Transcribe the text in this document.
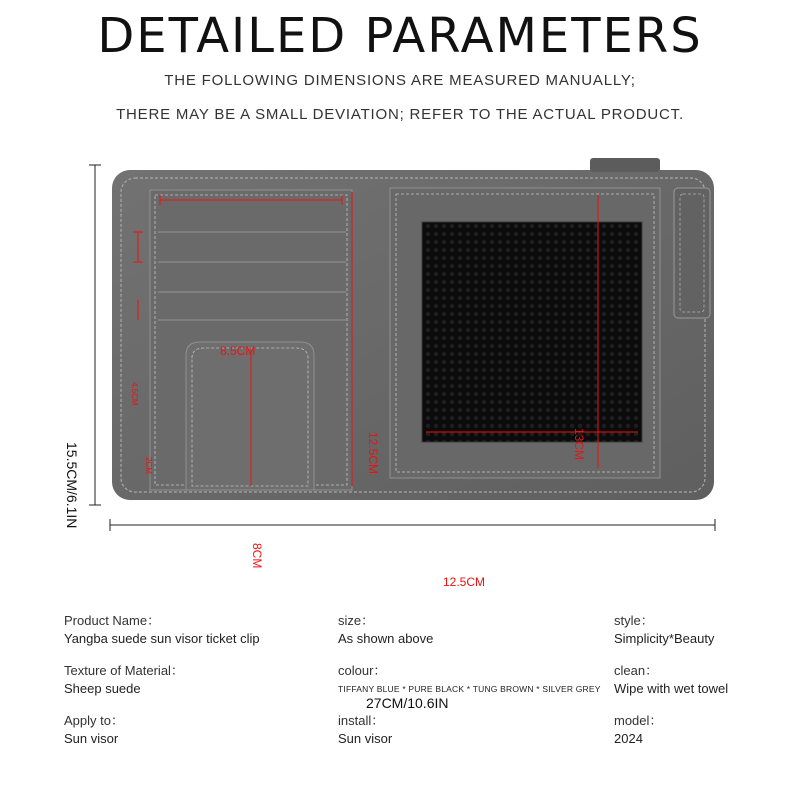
DETAILED PARAMETERS
THE FOLLOWING DIMENSIONS ARE MEASURED MANUALLY;
THERE MAY BE A SMALL DEVIATION; REFER TO THE ACTUAL PRODUCT.
8.5CM
12.5CM
4.5CM
2CM
8CM
13CM
12.5CM
15.5CM/6.1IN
27CM/10.6IN
Product Name：
Yangba suede sun visor ticket clip
size：
As shown above
style：
Simplicity*Beauty
Texture of Material：
Sheep suede
colour：
TIFFANY BLUE * PURE BLACK * TUNG BROWN * SILVER GREY
clean：
Wipe with wet towel
Apply to：
Sun visor
install：
Sun visor
model：
2024
